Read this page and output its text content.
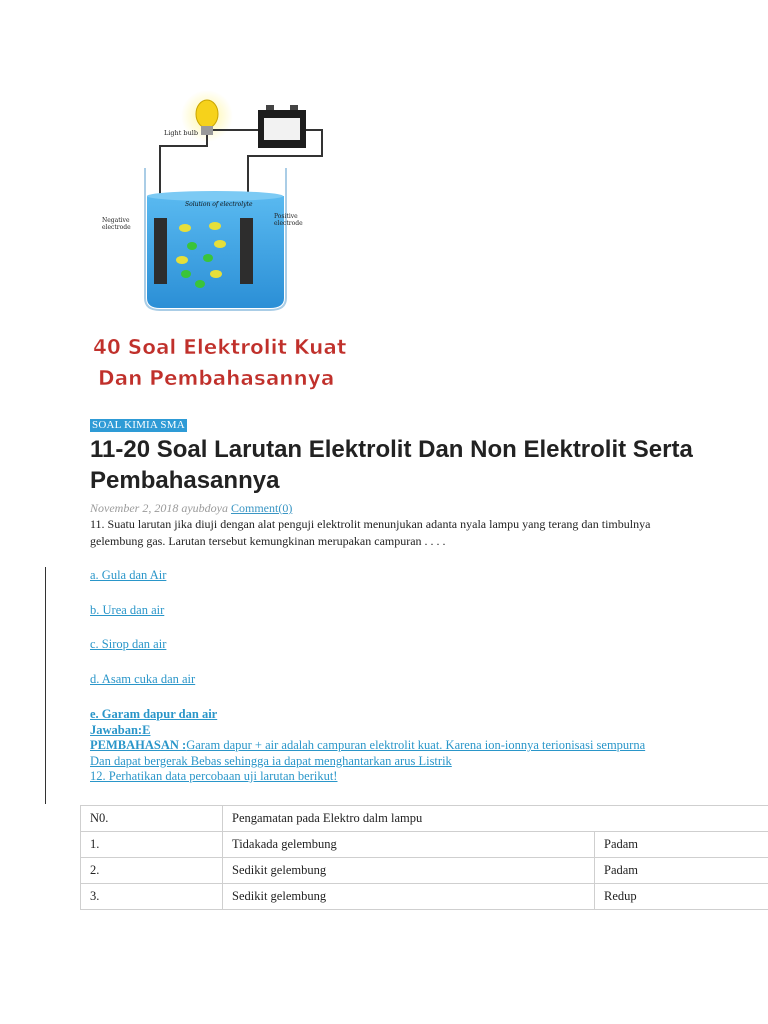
Light bulb
Solution of electrolyte
Negative
electrode
Positive
electrode
40 Soal Elektrolit Kuat
Dan Pembahasannya
SOAL KIMIA SMA
11-20 Soal Larutan Elektrolit Dan Non Elektrolit Serta Pembahasannya
November 2, 2018 ayubdoya Comment(0)

11. Suatu larutan jika diuji dengan alat penguji elektrolit menunjukan adanta nyala lampu yang terang dan timbulnya gelembung gas. Larutan tersebut kemungkinan merupakan campuran . . . .

a. Gula dan Air
b. Urea dan air
c. Sirop dan air
d. Asam cuka dan air
e. Garam dapur dan air
Jawaban:E
PEMBAHASAN :Garam dapur + air adalah campuran elektrolit kuat. Karena ion-ionnya terionisasi sempurna
Dan dapat bergerak Bebas sehingga ia dapat menghantarkan arus Listrik
12. Perhatikan data percobaan uji larutan berikut!
N0.	Pengamatan pada Elektro dalm lampu	
1.	Tidakada gelembung	Padam
2.	Sedikit gelembung	Padam
3.	Sedikit gelembung	Redup
